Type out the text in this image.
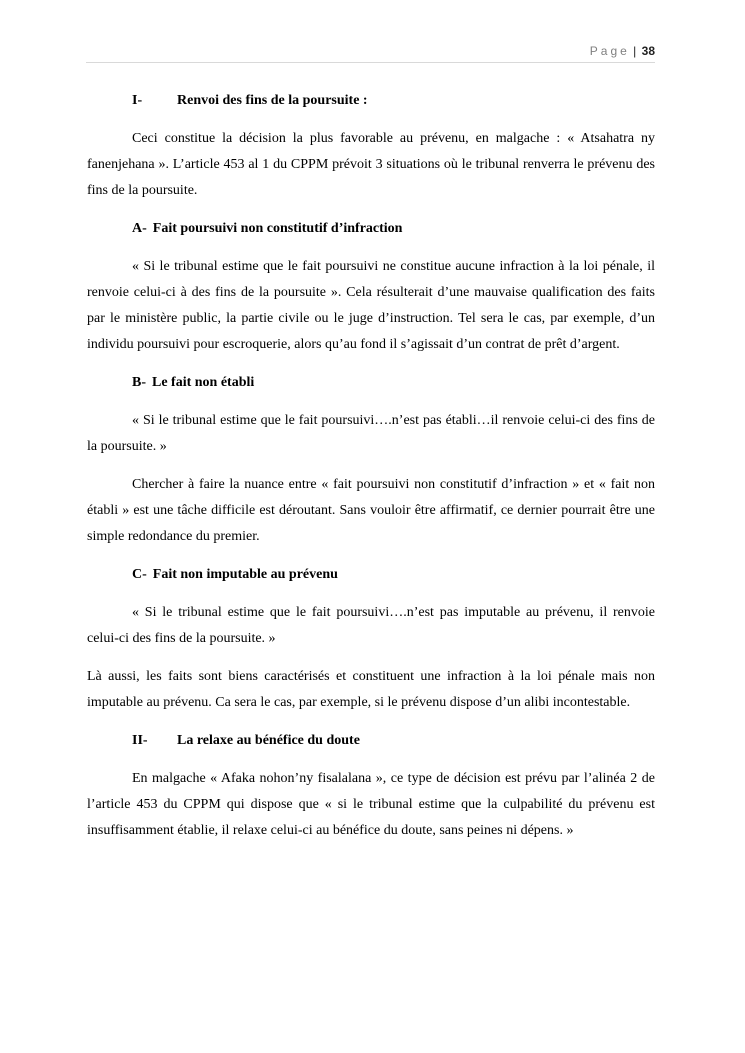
Page | 38
I- Renvoi des fins de la poursuite :

Ceci constitue la décision la plus favorable au prévenu, en malgache : « Atsahatra ny fanenjehana ». L’article 453 al 1 du CPPM prévoit 3 situations où le tribunal renverra le prévenu des fins de la poursuite.

A- Fait poursuivi non constitutif d’infraction

« Si le tribunal estime que le fait poursuivi ne constitue aucune infraction à la loi pénale, il renvoie celui-ci à des fins de la poursuite ». Cela résulterait d’une mauvaise qualification des faits par le ministère public, la partie civile ou le juge d’instruction. Tel sera le cas, par exemple, d’un individu poursuivi pour escroquerie, alors qu’au fond il s’agissait d’un contrat de prêt d’argent.

B- Le fait non établi

« Si le tribunal estime que le fait poursuivi….n’est pas établi…il renvoie celui-ci des fins de la poursuite. »

Chercher à faire la nuance entre « fait poursuivi non constitutif d’infraction » et « fait non établi » est une tâche difficile est déroutant. Sans vouloir être affirmatif, ce dernier pourrait être une simple redondance du premier.

C- Fait non imputable au prévenu

« Si le tribunal estime que le fait poursuivi….n’est pas imputable au prévenu, il renvoie celui-ci des fins de la poursuite. »

Là aussi, les faits sont biens caractérisés et constituent une infraction à la loi pénale mais non imputable au prévenu. Ca sera le cas, par exemple, si le prévenu dispose d’un alibi incontestable.

II- La relaxe au bénéfice du doute

En malgache « Afaka nohon’ny fisalalana », ce type de décision est prévu par l’alinéa 2 de l’article 453 du CPPM qui dispose que « si le tribunal estime que la culpabilité du prévenu est insuffisamment établie, il relaxe celui-ci au bénéfice du doute, sans peines ni dépens. »
